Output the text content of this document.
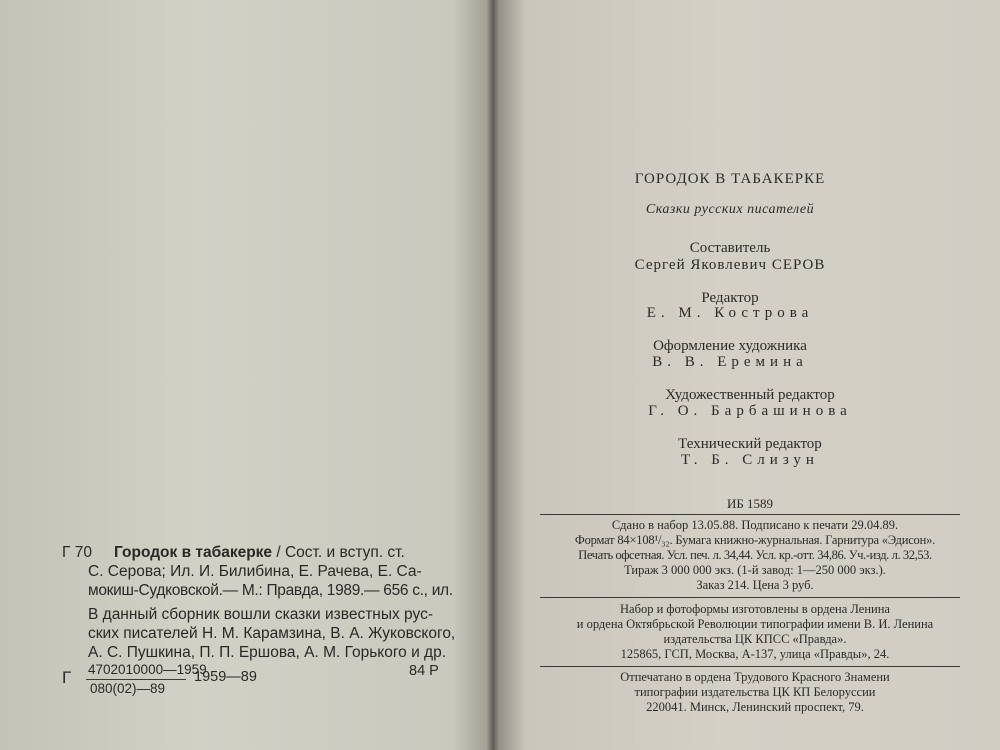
Г 70 Городок в табакерке / Сост. и вступ. ст.
С. Серова; Ил. И. Билибина, Е. Рачева, Е. Са-
мокиш-Судковской.— М.: Правда, 1989.— 656 с., ил.
В данный сборник вошли сказки известных рус-
ских писателей Н. М. Карамзина, В. А. Жуковского,
А. С. Пушкина, П. П. Ершова, А. М. Горького и др.
Г 4702010000—1959
080(02)—89
1959—89	84 Р
ГОРОДОК В ТАБАКЕРКЕ
Сказки русских писателей
Составитель
Сергей Яковлевич СЕРОВ
Редактор
Е. М. Кострова
Оформление художника
В. В. Еремина
Художественный редактор
Г. О. Барбашинова
Технический редактор
Т. Б. Слизун
ИБ 1589
Сдано в набор 13.05.88. Подписано к печати 29.04.89.
Формат 84×108¹/₃₂. Бумага книжно-журнальная. Гарнитура «Эдисон».
Печать офсетная. Усл. печ. л. 34,44. Усл. кр.-отт. 34,86. Уч.-изд. л. 32,53.
Тираж 3 000 000 экз. (1-й завод: 1—250 000 экз.).
Заказ 214. Цена 3 руб.
Набор и фотоформы изготовлены в ордена Ленина
и ордена Октябрьской Революции типографии имени В. И. Ленина
издательства ЦК КПСС «Правда».
125865, ГСП, Москва, А-137, улица «Правды», 24.
Отпечатано в ордена Трудового Красного Знамени
типографии издательства ЦК КП Белоруссии
220041. Минск, Ленинский проспект, 79.
